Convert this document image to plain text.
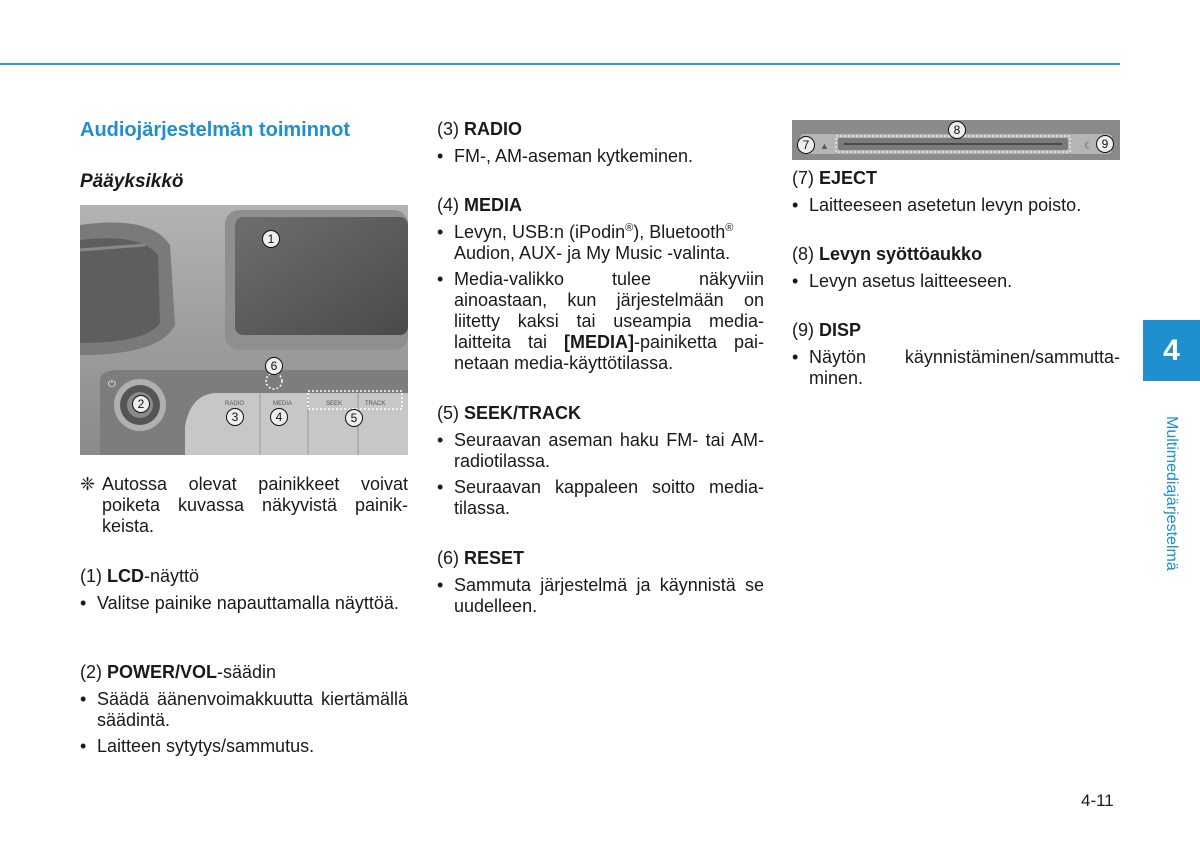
Audiojärjestelmän toiminnot
Pääyksikkö
❈ Autossa olevat painikkeet voivat poiketa kuvassa näkyvistä painikkeista.

(1) LCD-näyttö

• Valitse painike napauttamalla näyttöä.

(2) POWER/VOL-säädin

• Säädä äänenvoimakkuutta kiertämällä säädintä.
• Laitteen sytytys/sammutus.
⏻
RADIO	MEDIA	SEEK	TRACK
1
2
3	4	5
6

(3) RADIO

• FM-, AM-aseman kytkeminen.

(4) MEDIA

• Levyn, USB:n (iPodin®), Bluetooth® Audion, AUX- ja My Music -valinta.
• Media-valikko tulee näkyviin ainoastaan, kun järjestelmään on liitetty kaksi tai useampia medialaitteita tai [MEDIA]-painiketta painetaan media-käyttötilassa.

(5) SEEK/TRACK

• Seuraavan aseman haku FM- tai AM-radiotilassa.
• Seuraavan kappaleen soitto media-tilassa.

(6) RESET

• Sammuta järjestelmä ja käynnistä se uudelleen.
▲	☾
7
8
9

(7) EJECT

• Laitteeseen asetetun levyn poisto.

(8) Levyn syöttöaukko

• Levyn asetus laitteeseen.

(9) DISP

• Näytön käynnistäminen/sammuttaminen.
4
Multimediajärjestelmä
4-11
